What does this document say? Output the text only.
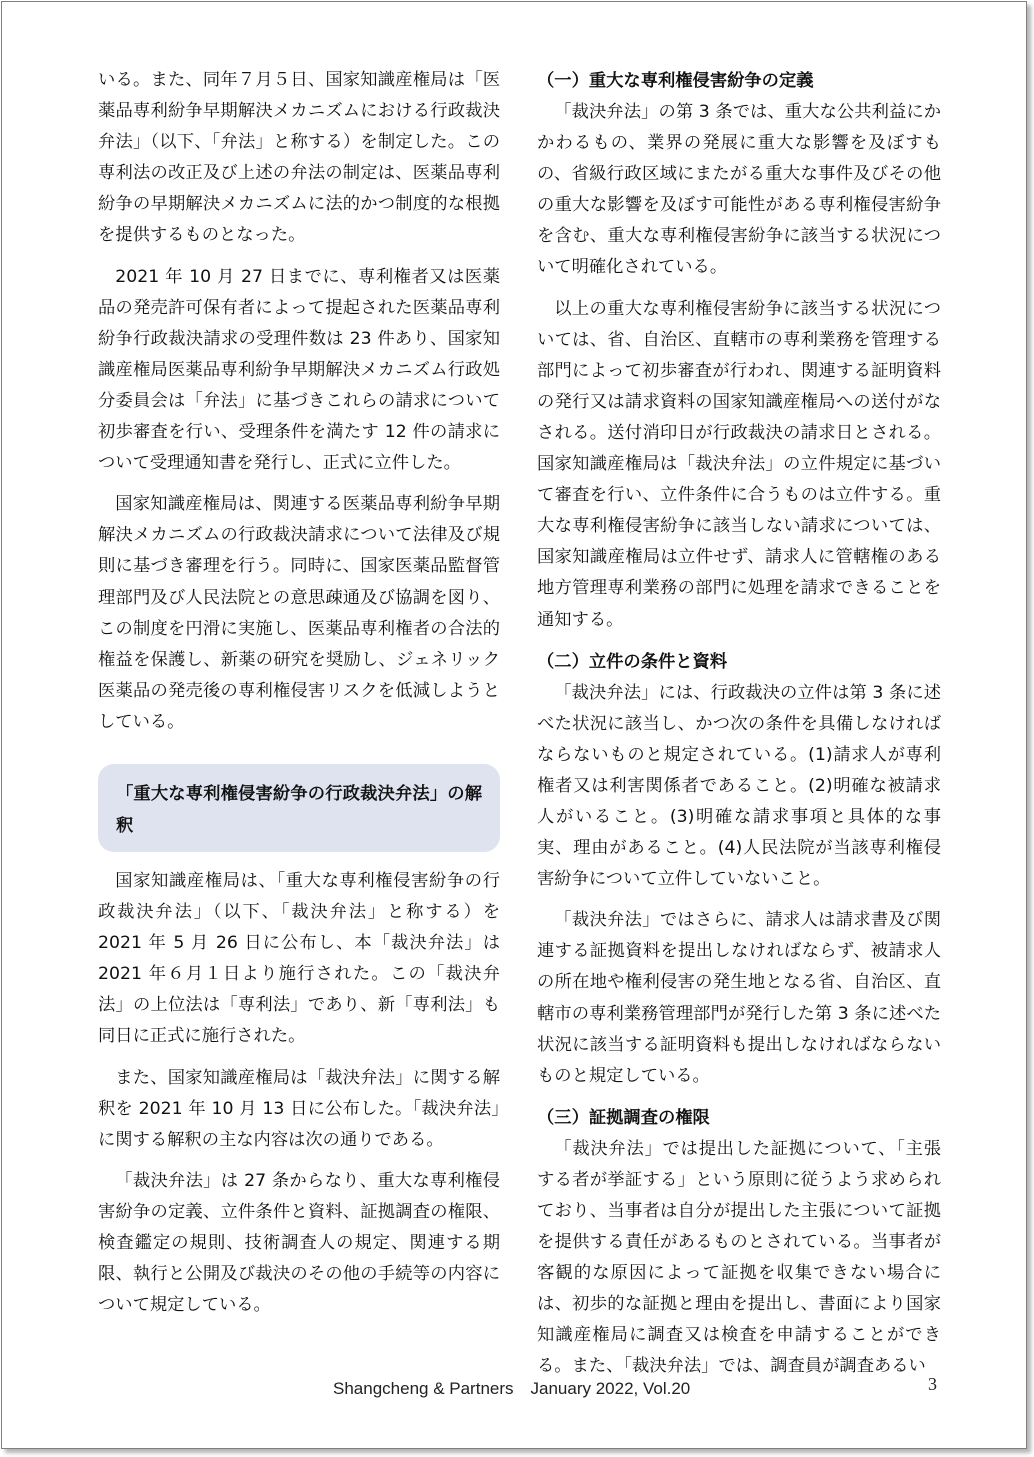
いる。また、同年７月５日、国家知識産権局は「医薬品専利紛争早期解決メカニズムにおける行政裁決弁法」（以下、「弁法」と称する）を制定した。この専利法の改正及び上述の弁法の制定は、医薬品専利紛争の早期解決メカニズムに法的かつ制度的な根拠を提供するものとなった。

2021 年 10 月 27 日までに、専利権者又は医薬品の発売許可保有者によって提起された医薬品専利紛争行政裁決請求の受理件数は 23 件あり、国家知識産権局医薬品専利紛争早期解決メカニズム行政処分委員会は「弁法」に基づきこれらの請求について初歩審査を行い、受理条件を満たす 12 件の請求について受理通知書を発行し、正式に立件した。

国家知識産権局は、関連する医薬品専利紛争早期解決メカニズムの行政裁決請求について法律及び規則に基づき審理を行う。同時に、国家医薬品監督管理部門及び人民法院との意思疎通及び協調を図り、この制度を円滑に実施し、医薬品専利権者の合法的権益を保護し、新薬の研究を奨励し、ジェネリック医薬品の発売後の専利権侵害リスクを低減しようとしている。

「重大な専利権侵害紛争の行政裁決弁法」の解釈

国家知識産権局は、「重大な専利権侵害紛争の行政裁決弁法」（以下、「裁決弁法」と称する）を 2021 年 5 月 26 日に公布し、本「裁決弁法」は 2021 年６月１日より施行された。この「裁決弁法」の上位法は「専利法」であり、新「専利法」も同日に正式に施行された。

また、国家知識産権局は「裁決弁法」に関する解釈を 2021 年 10 月 13 日に公布した。「裁決弁法」に関する解釈の主な内容は次の通りである。

「裁決弁法」は 27 条からなり、重大な専利権侵害紛争の定義、立件条件と資料、証拠調査の権限、検査鑑定の規則、技術調査人の規定、関連する期限、執行と公開及び裁決のその他の手続等の内容について規定している。

（一）重大な専利権侵害紛争の定義

「裁決弁法」の第 3 条では、重大な公共利益にかかわるもの、業界の発展に重大な影響を及ぼすもの、省級行政区域にまたがる重大な事件及びその他の重大な影響を及ぼす可能性がある専利権侵害紛争を含む、重大な専利権侵害紛争に該当する状況について明確化されている。

以上の重大な専利権侵害紛争に該当する状況については、省、自治区、直轄市の専利業務を管理する部門によって初歩審査が行われ、関連する証明資料の発行又は請求資料の国家知識産権局への送付がなされる。送付消印日が行政裁決の請求日とされる。国家知識産権局は「裁決弁法」の立件規定に基づいて審査を行い、立件条件に合うものは立件する。重大な専利権侵害紛争に該当しない請求については、国家知識産権局は立件せず、請求人に管轄権のある地方管理専利業務の部門に処理を請求できることを通知する。

（二）立件の条件と資料

「裁決弁法」には、行政裁決の立件は第 3 条に述べた状況に該当し、かつ次の条件を具備しなければならないものと規定されている。(1)請求人が専利権者又は利害関係者であること。(2)明確な被請求人がいること。(3)明確な請求事項と具体的な事実、理由があること。(4)人民法院が当該専利権侵害紛争について立件していないこと。

「裁決弁法」ではさらに、請求人は請求書及び関連する証拠資料を提出しなければならず、被請求人の所在地や権利侵害の発生地となる省、自治区、直轄市の専利業務管理部門が発行した第 3 条に述べた状況に該当する証明資料も提出しなければならないものと規定している。

（三）証拠調査の権限

「裁決弁法」では提出した証拠について、「主張する者が挙証する」という原則に従うよう求められており、当事者は自分が提出した主張について証拠を提供する責任があるものとされている。当事者が客観的な原因によって証拠を収集できない場合には、初歩的な証拠と理由を提出し、書面により国家知識産権局に調査又は検査を申請することができる。また、「裁決弁法」では、調査員が調査あるい

Shangcheng & Partners　January 2022, Vol.20	3
